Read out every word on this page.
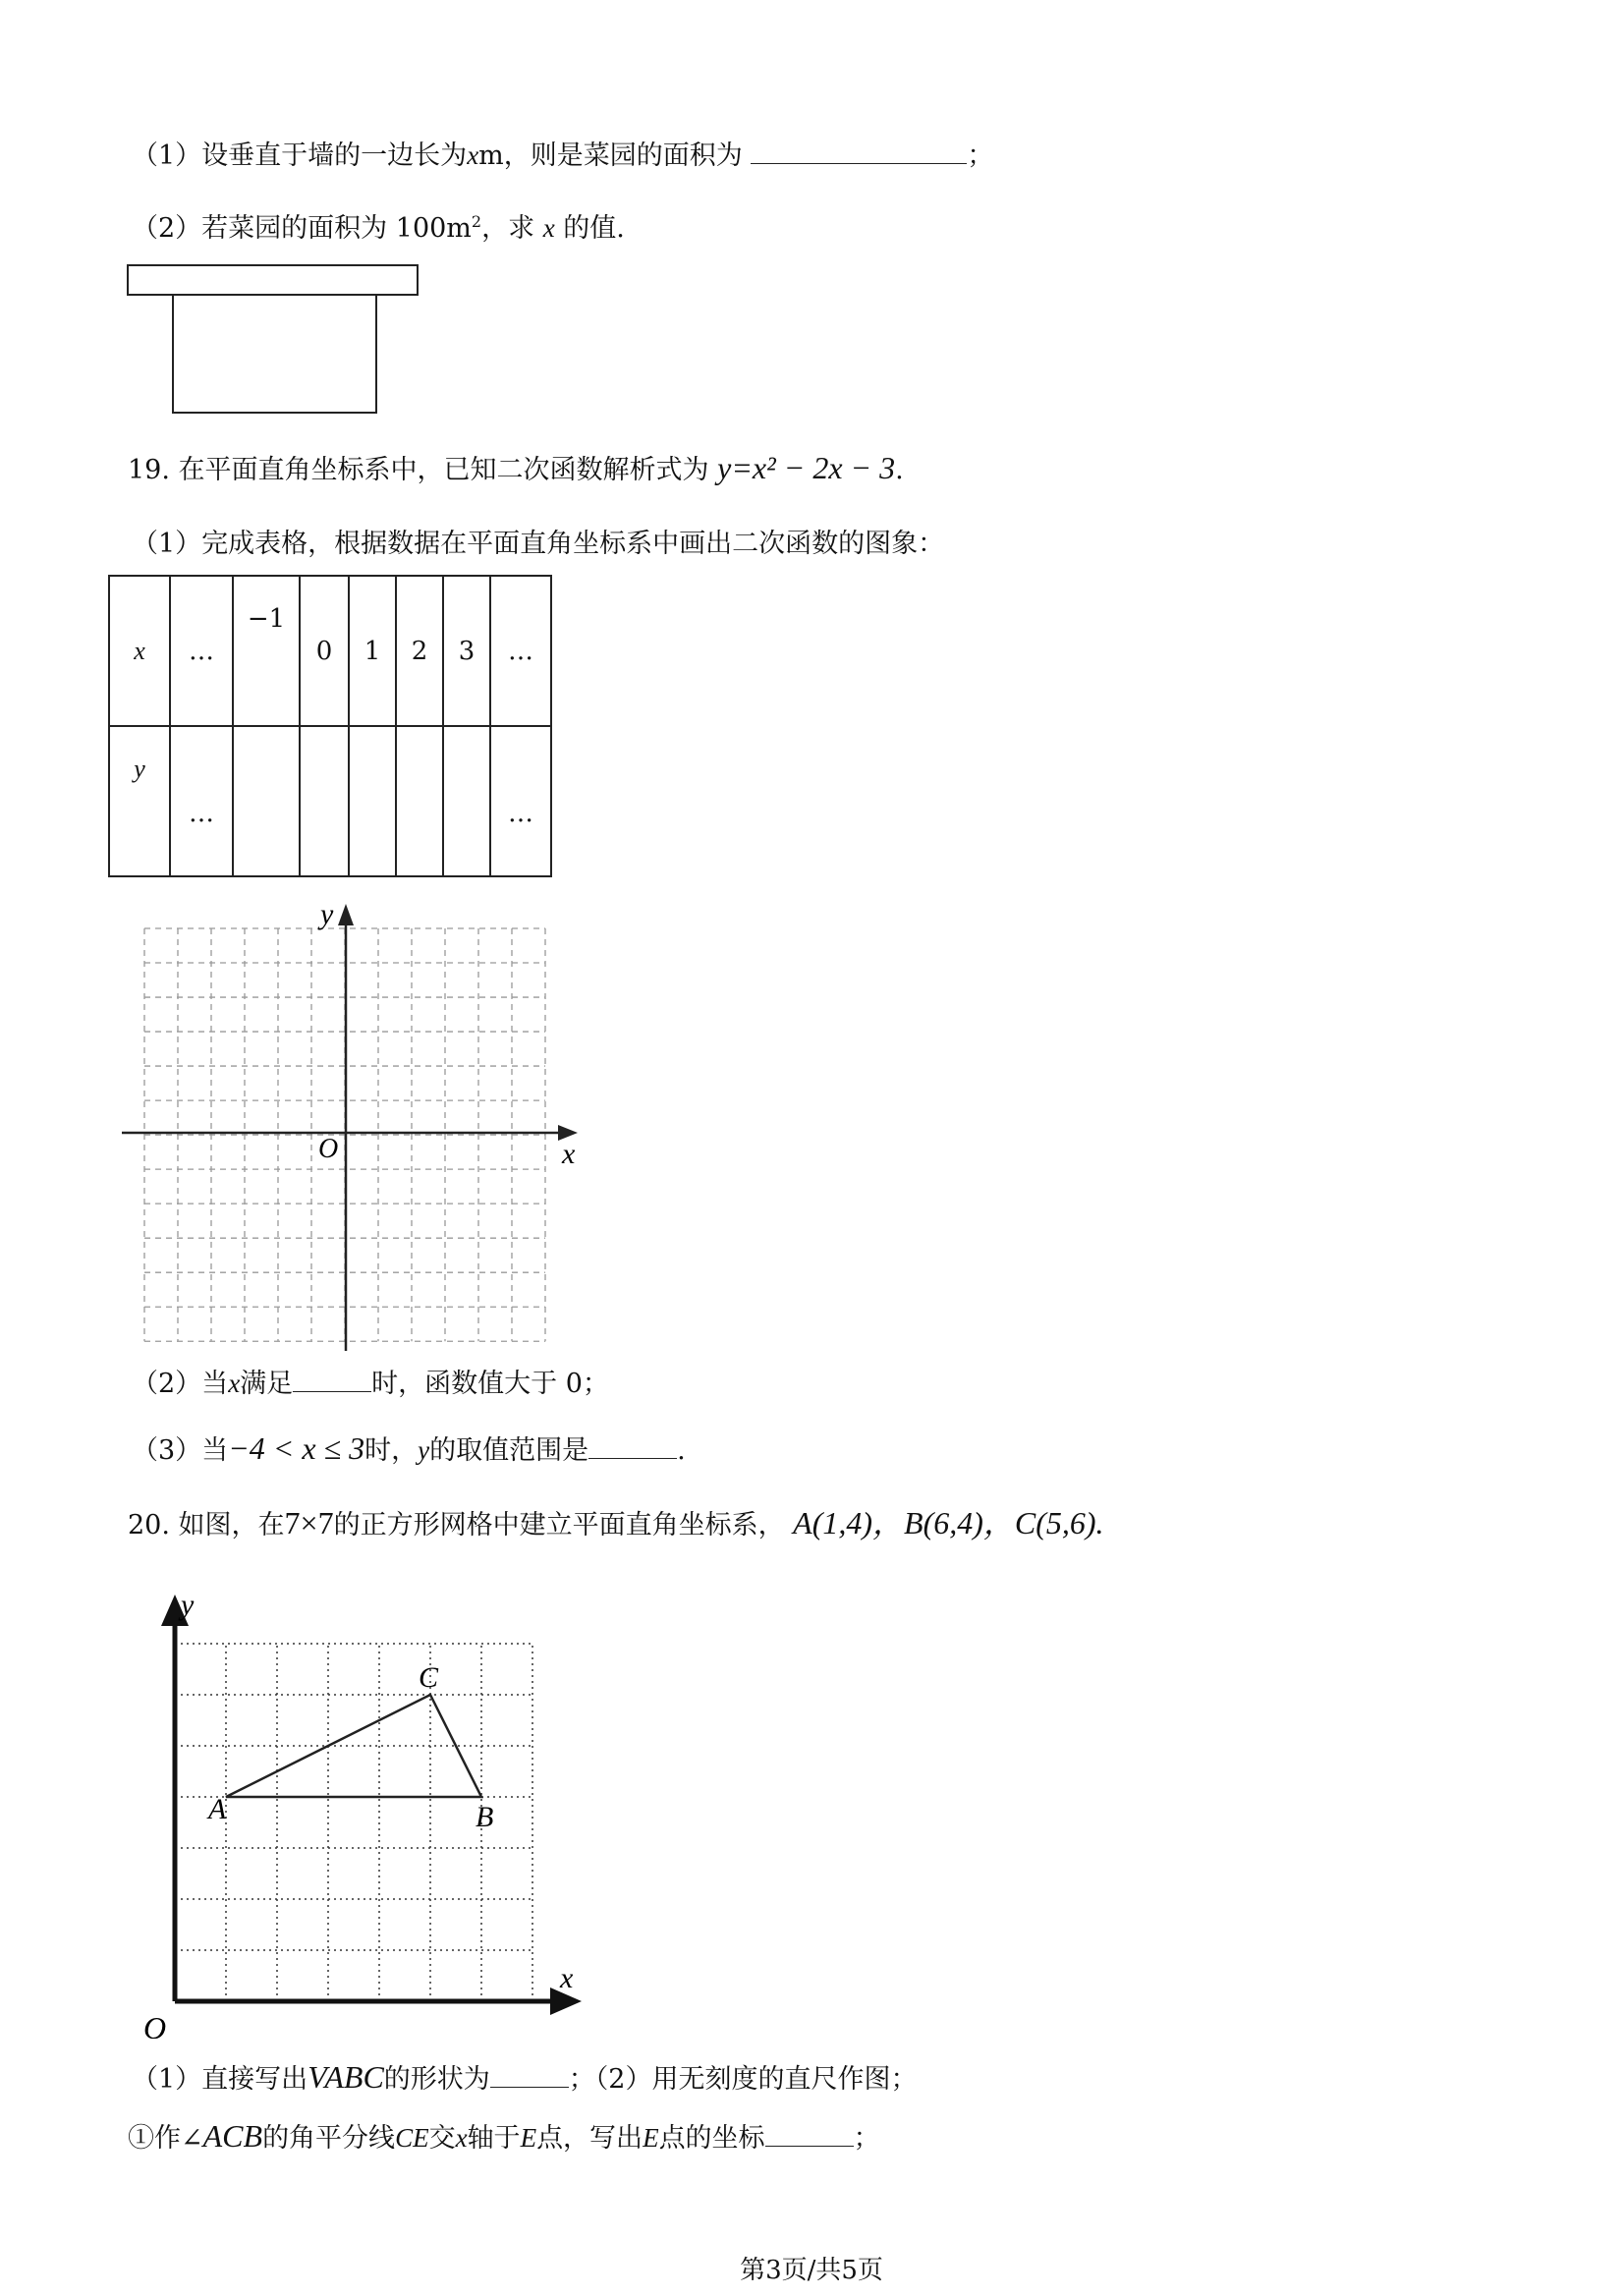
（1）设垂直于墙的一边长为xm，则是菜园的面积为	；
（2）若菜园的面积为 $100m^2$，求 x 的值.
19. 在平面直角坐标系中，已知二次函数解析式为 y=x² − 2x − 3.
（1）完成表格，根据数据在平面直角坐标系中画出二次函数的图象：
x	…	−1	0	1	2	3	…
y	…						…
x
y
O
（2）当x满足	时，函数值大于 0；
（3）当−4 < x ≤ 3时，y的取值范围是	.
20. 如图，在7×7的正方形网格中建立平面直角坐标系， A(1,4)，B(6,4)，C(5,6).
x
y
O
A	B
C
（1）直接写出VABC的形状为	；（2）用无刻度的直尺作图；
①作∠ACB的角平分线CE交x轴于E点，写出E点的坐标	；
第3页/共5页
